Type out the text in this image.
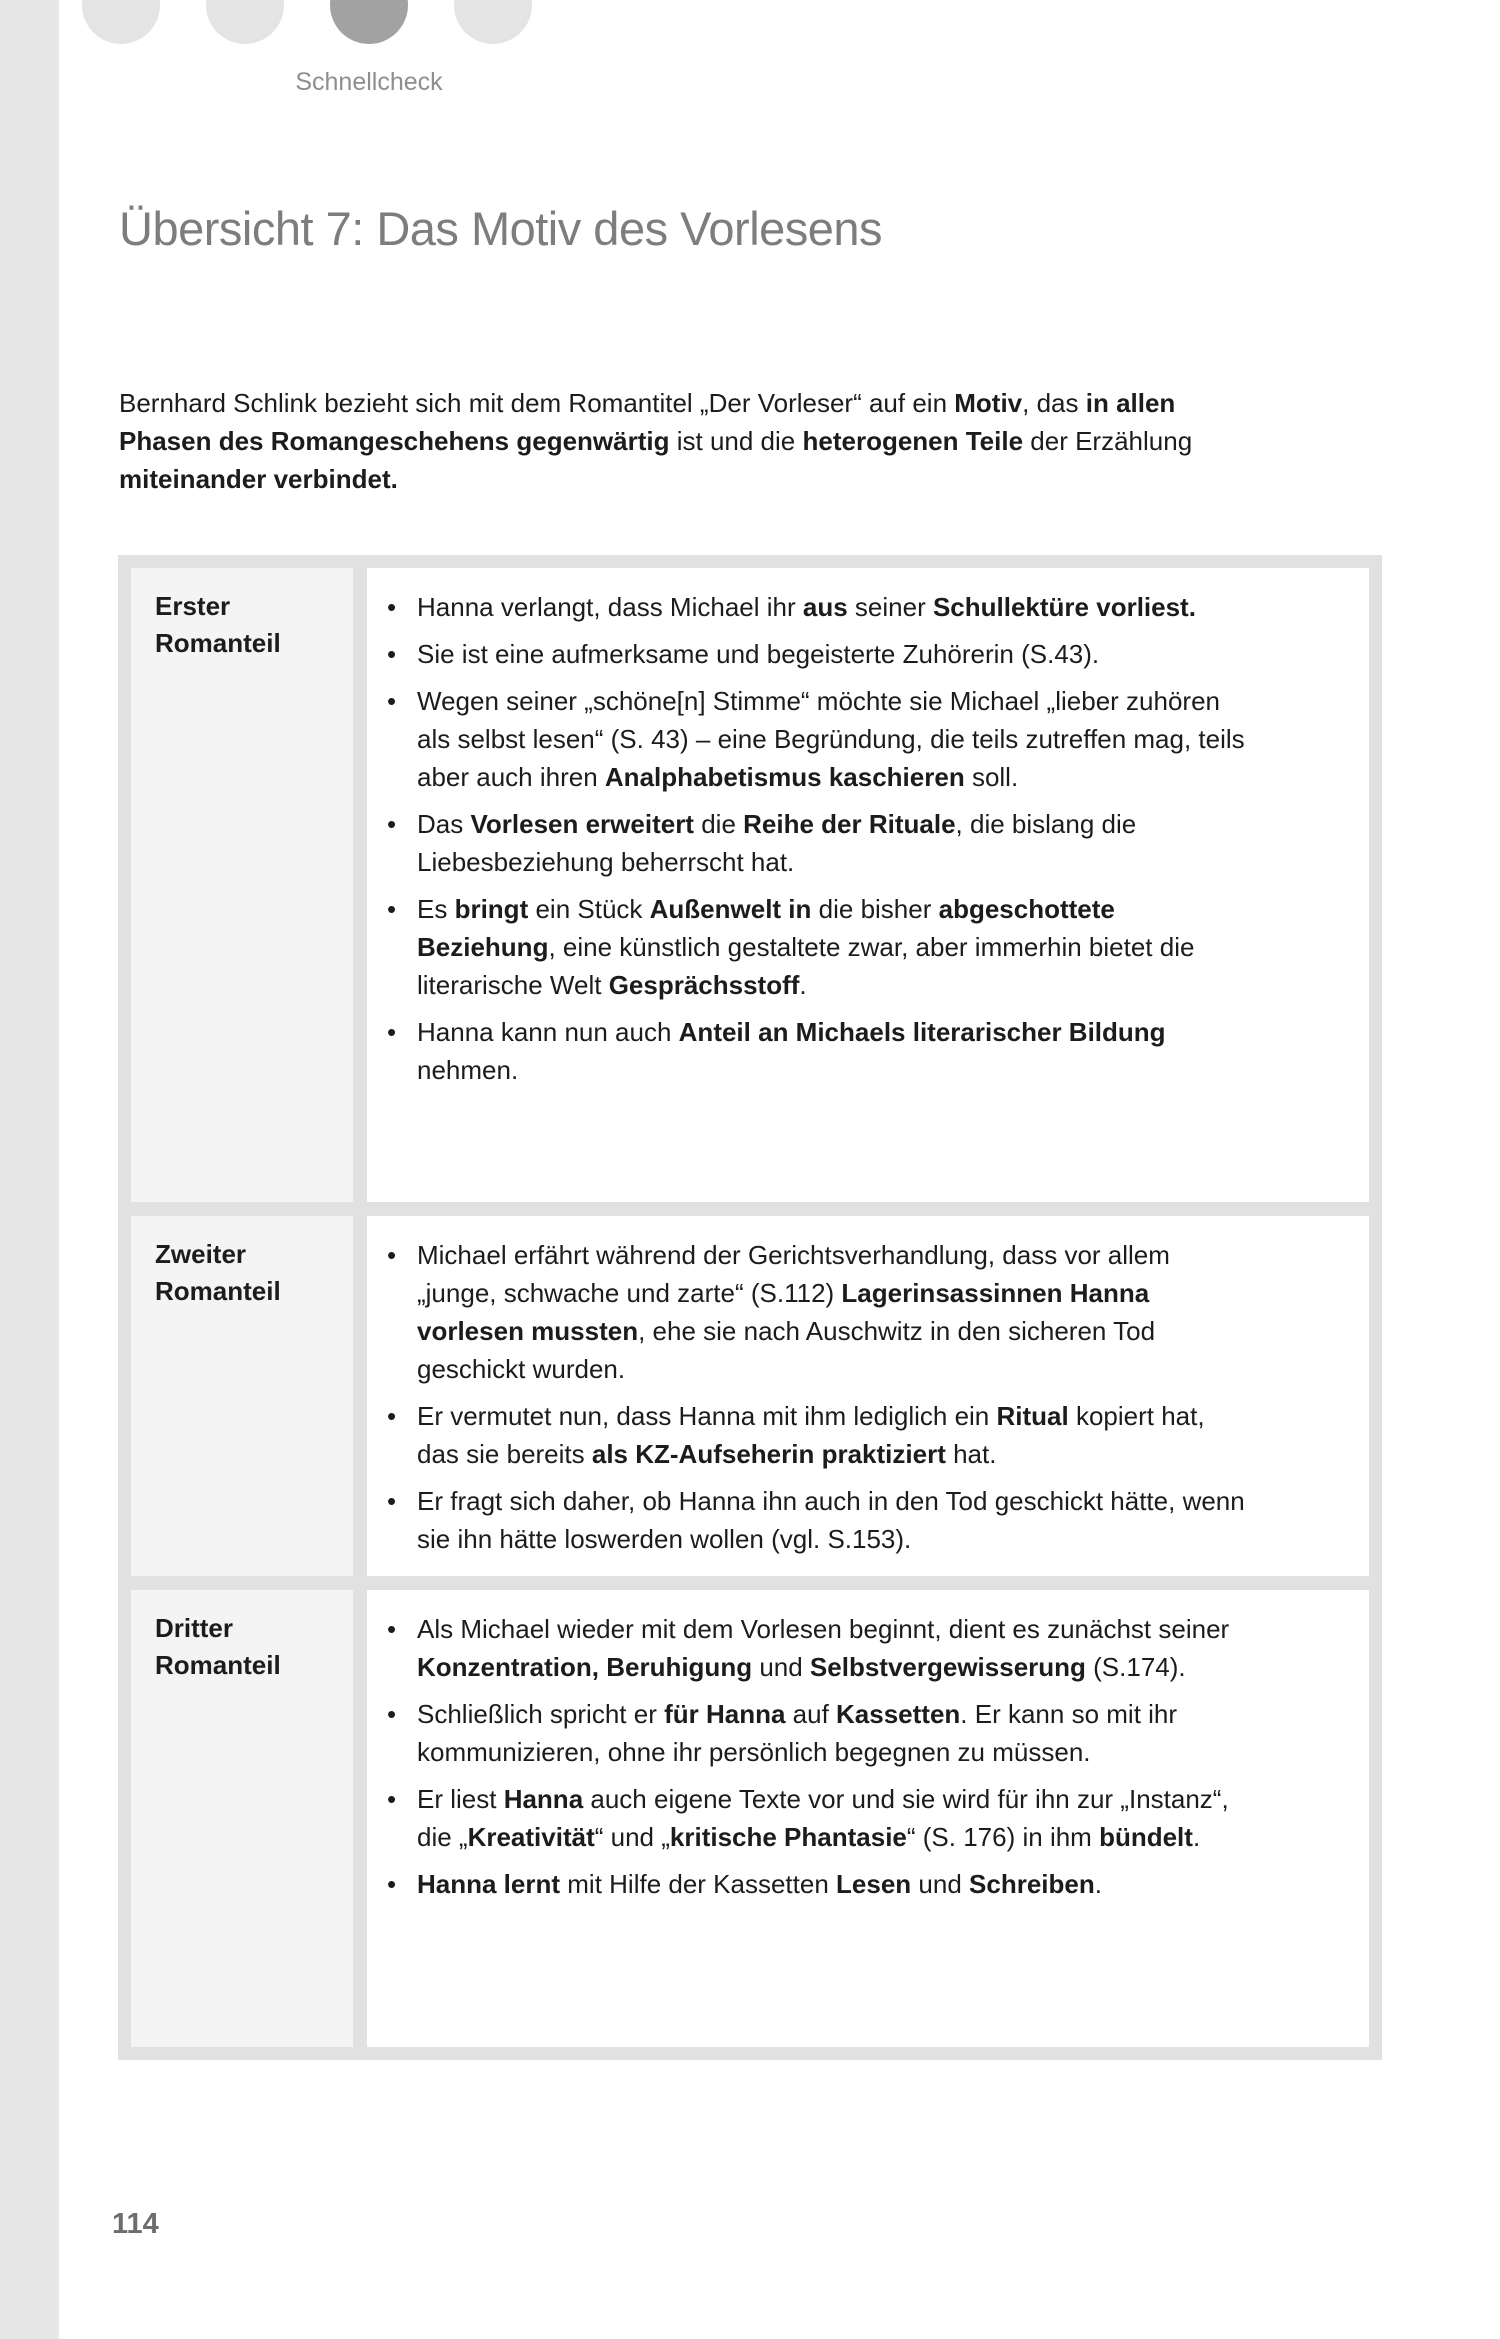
Schnellcheck
Übersicht 7: Das Motiv des Vorlesens

Bernhard Schlink bezieht sich mit dem Romantitel „Der Vorleser“ auf ein Motiv, das in allen Phasen des Romangeschehens gegenwärtig ist und die heterogenen Teile der Erzählung miteinander verbindet.

Erster Romanteil
• Hanna verlangt, dass Michael ihr aus seiner Schullektüre vorliest.
• Sie ist eine aufmerksame und begeisterte Zuhörerin (S.43).
• Wegen seiner „schöne[n] Stimme“ möchte sie Michael „lieber zuhören als selbst lesen“ (S. 43) – eine Begründung, die teils zutreffen mag, teils aber auch ihren Analphabetismus kaschieren soll.
• Das Vorlesen erweitert die Reihe der Rituale, die bislang die Liebesbeziehung beherrscht hat.
• Es bringt ein Stück Außenwelt in die bisher abgeschottete Beziehung, eine künstlich gestaltete zwar, aber immerhin bietet die literarische Welt Gesprächsstoff.
• Hanna kann nun auch Anteil an Michaels literarischer Bildung nehmen.
Zweiter Romanteil
• Michael erfährt während der Gerichtsverhandlung, dass vor allem „junge, schwache und zarte“ (S.112) Lagerinsassinnen Hanna vorlesen mussten, ehe sie nach Auschwitz in den sicheren Tod geschickt wurden.
• Er vermutet nun, dass Hanna mit ihm lediglich ein Ritual kopiert hat, das sie bereits als KZ-Aufseherin praktiziert hat.
• Er fragt sich daher, ob Hanna ihn auch in den Tod geschickt hätte, wenn sie ihn hätte loswerden wollen (vgl. S.153).
Dritter Romanteil
• Als Michael wieder mit dem Vorlesen beginnt, dient es zunächst seiner Konzentration, Beruhigung und Selbstvergewisserung (S.174).
• Schließlich spricht er für Hanna auf Kassetten. Er kann so mit ihr kommunizieren, ohne ihr persönlich begegnen zu müssen.
• Er liest Hanna auch eigene Texte vor und sie wird für ihn zur „Instanz“, die „Kreativität“ und „kritische Phantasie“ (S. 176) in ihm bündelt.
• Hanna lernt mit Hilfe der Kassetten Lesen und Schreiben.
114
